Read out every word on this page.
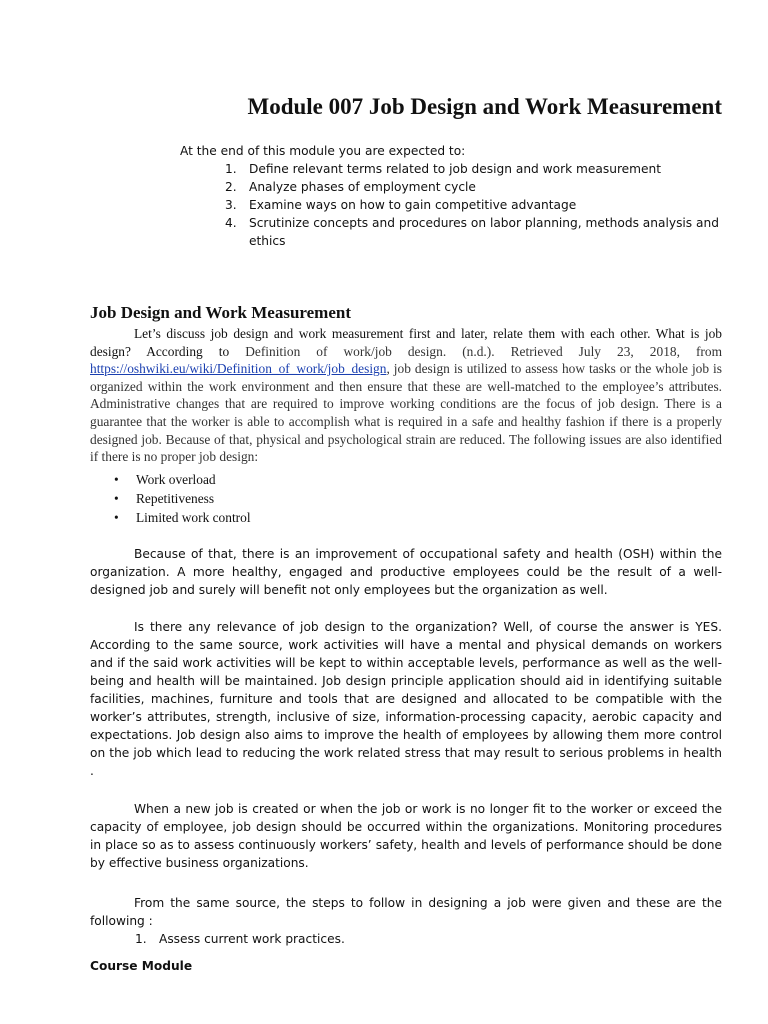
Module 007 Job Design and Work Measurement

At the end of this module you are expected to:

1. Define relevant terms related to job design and work measurement
2. Analyze phases of employment cycle
3. Examine ways on how to gain competitive advantage
4. Scrutinize concepts and procedures on labor planning, methods analysis and ethics
Job Design and Work Measurement

Let’s discuss job design and work measurement first and later, relate them with each other. What is job design? According to Definition of work/job design. (n.d.). Retrieved July 23, 2018, from https://oshwiki.eu/wiki/Definition_of_work/job_design, job design is utilized to assess how tasks or the whole job is organized within the work environment and then ensure that these are well-matched to the employee’s attributes. Administrative changes that are required to improve working conditions are the focus of job design. There is a guarantee that the worker is able to accomplish what is required in a safe and healthy fashion if there is a properly designed job. Because of that, physical and psychological strain are reduced. The following issues are also identified if there is no proper job design:

• Work overload
• Repetitiveness
• Limited work control

Because of that, there is an improvement of occupational safety and health (OSH) within the organization. A more healthy, engaged and productive employees could be the result of a well-designed job and surely will benefit not only employees but the organization as well.

Is there any relevance of job design to the organization? Well, of course the answer is YES. According to the same source, work activities will have a mental and physical demands on workers and if the said work activities will be kept to within acceptable levels, performance as well as the well-being and health will be maintained. Job design principle application should aid in identifying suitable facilities, machines, furniture and tools that are designed and allocated to be compatible with the worker’s attributes, strength, inclusive of size, information-processing capacity, aerobic capacity and expectations. Job design also aims to improve the health of employees by allowing them more control on the job which lead to reducing the work related stress that may result to serious problems in health .

When a new job is created or when the job or work is no longer fit to the worker or exceed the capacity of employee, job design should be occurred within the organizations. Monitoring procedures in place so as to assess continuously workers’ safety, health and levels of performance should be done by effective business organizations.

From the same source, the steps to follow in designing a job were given and these are the following :

1. Assess current work practices.

Course Module
